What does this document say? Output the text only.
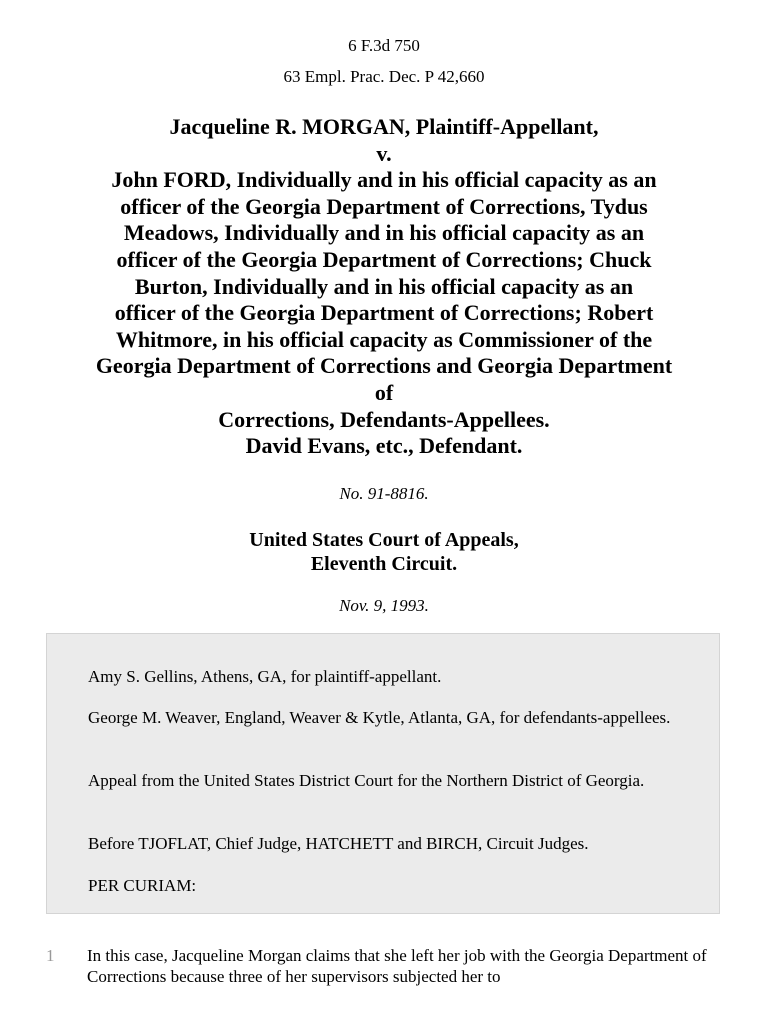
6 F.3d 750
63 Empl. Prac. Dec. P 42,660
Jacqueline R. MORGAN, Plaintiff-Appellant,
v.
John FORD, Individually and in his official capacity as an
officer of the Georgia Department of Corrections, Tydus
Meadows, Individually and in his official capacity as an
officer of the Georgia Department of Corrections; Chuck
Burton, Individually and in his official capacity as an
officer of the Georgia Department of Corrections; Robert
Whitmore, in his official capacity as Commissioner of the
Georgia Department of Corrections and Georgia Department
of
Corrections, Defendants-Appellees.
David Evans, etc., Defendant.
No. 91-8816.
United States Court of Appeals,
Eleventh Circuit.
Nov. 9, 1993.

Amy S. Gellins, Athens, GA, for plaintiff-appellant.

George M. Weaver, England, Weaver & Kytle, Atlanta, GA, for defendants-appellees.

Appeal from the United States District Court for the Northern District of Georgia.

Before TJOFLAT, Chief Judge, HATCHETT and BIRCH, Circuit Judges.

PER CURIAM:

1 In this case, Jacqueline Morgan claims that she left her job with the Georgia Department of Corrections because three of her supervisors subjected her to
